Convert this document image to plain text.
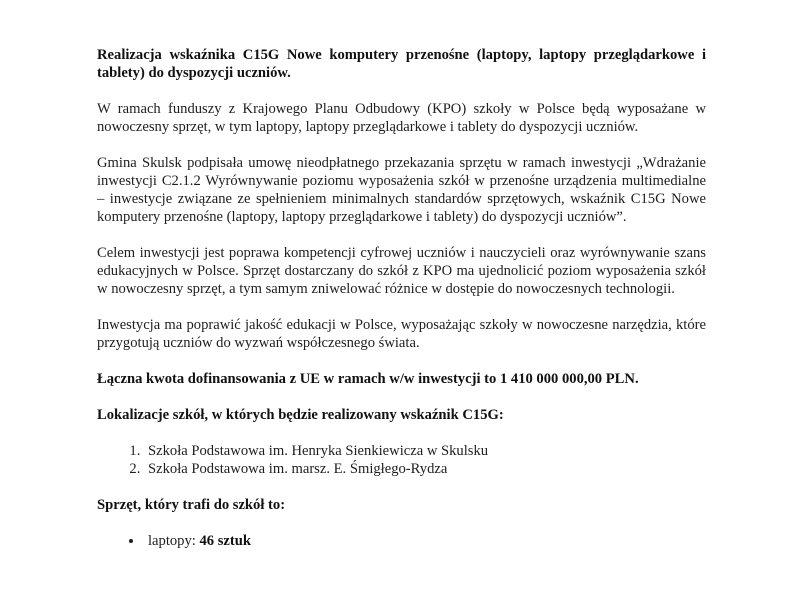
Realizacja wskaźnika C15G Nowe komputery przenośne (laptopy, laptopy przeglądarkowe i tablety) do dyspozycji uczniów.

W ramach funduszy z Krajowego Planu Odbudowy (KPO) szkoły w Polsce będą wyposażane w nowoczesny sprzęt, w tym laptopy, laptopy przeglądarkowe i tablety do dyspozycji uczniów.

Gmina Skulsk podpisała umowę nieodpłatnego przekazania sprzętu w ramach inwestycji „Wdrażanie inwestycji C2.1.2 Wyrównywanie poziomu wyposażenia szkół w przenośne urządzenia multimedialne – inwestycje związane ze spełnieniem minimalnych standardów sprzętowych, wskaźnik C15G Nowe komputery przenośne (laptopy, laptopy przeglądarkowe i tablety) do dyspozycji uczniów”.

Celem inwestycji jest poprawa kompetencji cyfrowej uczniów i nauczycieli oraz wyrównywanie szans edukacyjnych w Polsce. Sprzęt dostarczany do szkół z KPO ma ujednolicić poziom wyposażenia szkół w nowoczesny sprzęt, a tym samym zniwelować różnice w dostępie do nowoczesnych technologii.

Inwestycja ma poprawić jakość edukacji w Polsce, wyposażając szkoły w nowoczesne narzędzia, które przygotują uczniów do wyzwań współczesnego świata.

Łączna kwota dofinansowania z UE w ramach w/w inwestycji to 1 410 000 000,00 PLN.

Lokalizacje szkół, w których będzie realizowany wskaźnik C15G:

1. Szkoła Podstawowa im. Henryka Sienkiewicza w Skulsku
2. Szkoła Podstawowa im. marsz. E. Śmigłego-Rydza

Sprzęt, który trafi do szkół to:

• laptopy: 46 sztuk
